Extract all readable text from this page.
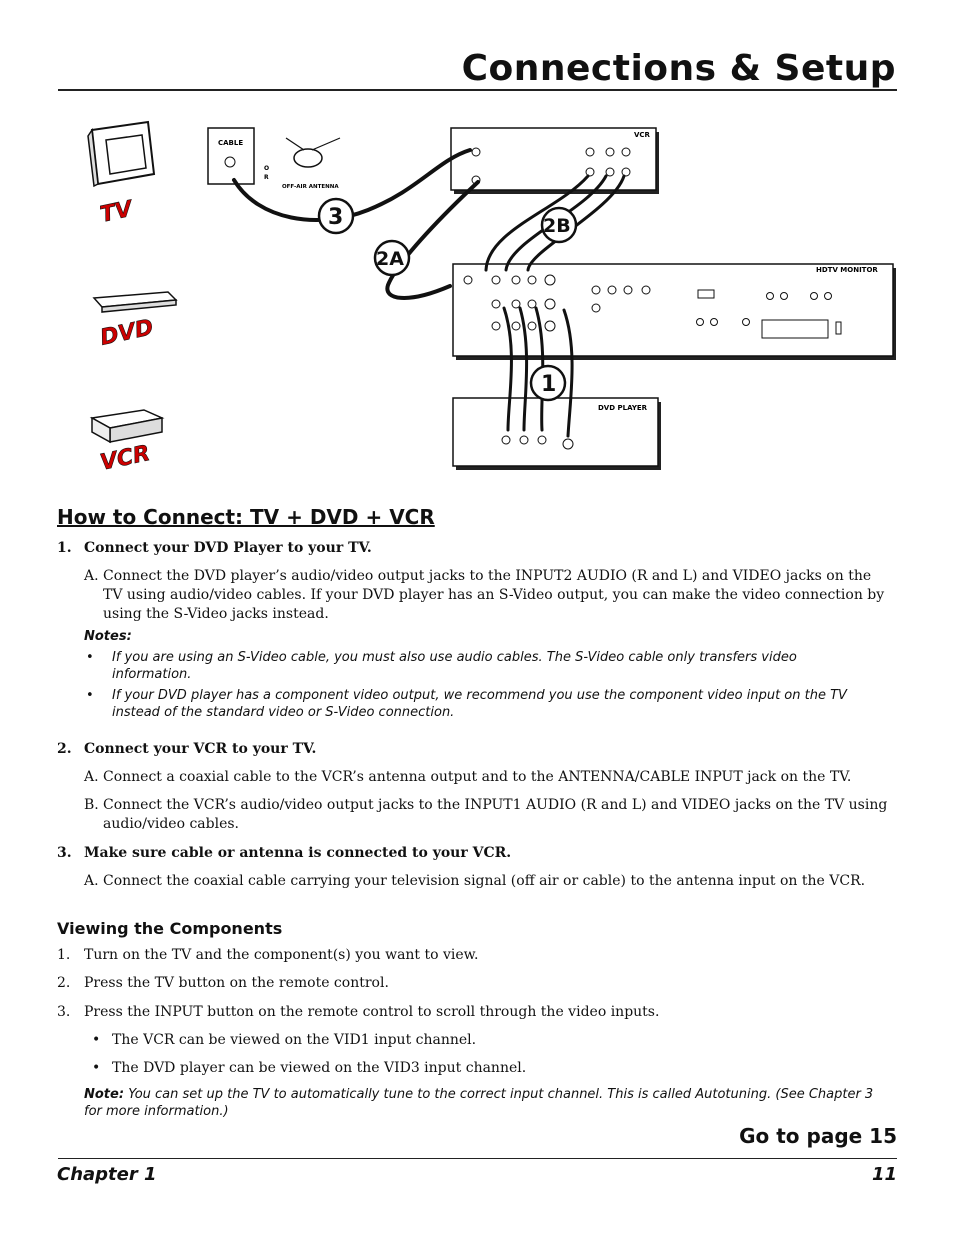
Connections & Setup
TV
DVD
VCR
CABLE
O
R
OFF-AIR ANTENNA
VCR
HDTV MONITOR
DVD PLAYER
3
2A
2B
1
How to Connect: TV + DVD + VCR
1. Connect your DVD Player to your TV.
A. Connect the DVD player’s audio/video output jacks to the INPUT2 AUDIO (R and L) and VIDEO jacks on the TV using audio/video cables. If your DVD player has an S-Video output, you can make the video connection by using the S-Video jacks instead.
Notes:
• If you are using an S-Video cable, you must also use audio cables. The S-Video cable only transfers video information.
• If your DVD player has a component video output, we recommend you use the component video input on the TV instead of the standard video or S-Video connection.
2. Connect your VCR to your TV.
A. Connect a coaxial cable to the VCR’s antenna output and to the ANTENNA/CABLE INPUT jack on the TV.
B. Connect the VCR’s audio/video output jacks to the INPUT1 AUDIO (R and L) and VIDEO jacks on the TV using audio/video cables.
3. Make sure cable or antenna is connected to your VCR.
A. Connect the coaxial cable carrying your television signal (off air or cable) to the antenna input on the VCR.
Viewing the Components
1. Turn on the TV and the component(s) you want to view.
2. Press the TV button on the remote control.
3. Press the INPUT button on the remote control to scroll through the video inputs.
• The VCR can be viewed on the VID1 input channel.
• The DVD player can be viewed on the VID3 input channel.
Note: You can set up the TV to automatically tune to the correct input channel. This is called Autotuning. (See Chapter 3 for more information.)
Go to page 15
Chapter 1	11
